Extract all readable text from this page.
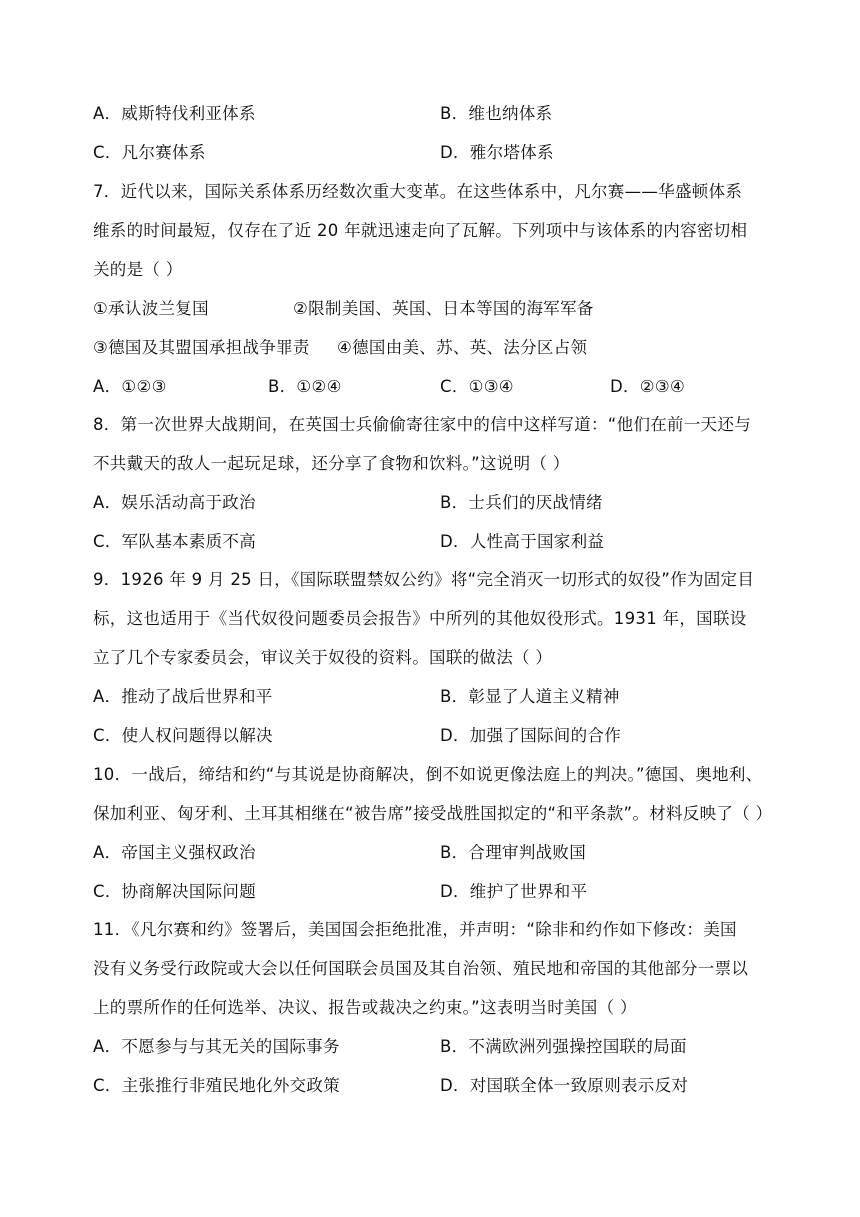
A．威斯特伐利亚体系	B．维也纳体系
C．凡尔赛体系	D．雅尔塔体系
7．近代以来，国际关系体系历经数次重大变革。在这些体系中，凡尔赛——华盛顿体系
维系的时间最短，仅存在了近 20 年就迅速走向了瓦解。下列项中与该体系的内容密切相
关的是（ ）
①承认波兰复国	②限制美国、英国、日本等国的海军军备
③德国及其盟国承担战争罪责 ④德国由美、苏、英、法分区占领
A．①②③	B．①②④	C．①③④	D．②③④
8．第一次世界大战期间，在英国士兵偷偷寄往家中的信中这样写道：“他们在前一天还与
不共戴天的敌人一起玩足球，还分享了食物和饮料。”这说明（ ）
A．娱乐活动高于政治	B．士兵们的厌战情绪
C．军队基本素质不高	D．人性高于国家利益
9．1926 年 9 月 25 日，《国际联盟禁奴公约》将“完全消灭一切形式的奴役”作为固定目
标，这也适用于《当代奴役问题委员会报告》中所列的其他奴役形式。1931 年，国联设
立了几个专家委员会，审议关于奴役的资料。国联的做法（ ）
A．推动了战后世界和平	B．彰显了人道主义精神
C．使人权问题得以解决	D．加强了国际间的合作
10．一战后，缔结和约“与其说是协商解决，倒不如说更像法庭上的判决。”德国、奥地利、
保加利亚、匈牙利、土耳其相继在“被告席”接受战胜国拟定的“和平条款”。材料反映了（ ）
A．帝国主义强权政治	B．合理审判战败国
C．协商解决国际问题	D．维护了世界和平
11．《凡尔赛和约》签署后，美国国会拒绝批准，并声明：“除非和约作如下修改：美国
没有义务受行政院或大会以任何国联会员国及其自治领、殖民地和帝国的其他部分一票以
上的票所作的任何选举、决议、报告或裁决之约束。”这表明当时美国（ ）
A．不愿参与与其无关的国际事务	B．不满欧洲列强操控国联的局面
C．主张推行非殖民地化外交政策	D．对国联全体一致原则表示反对
